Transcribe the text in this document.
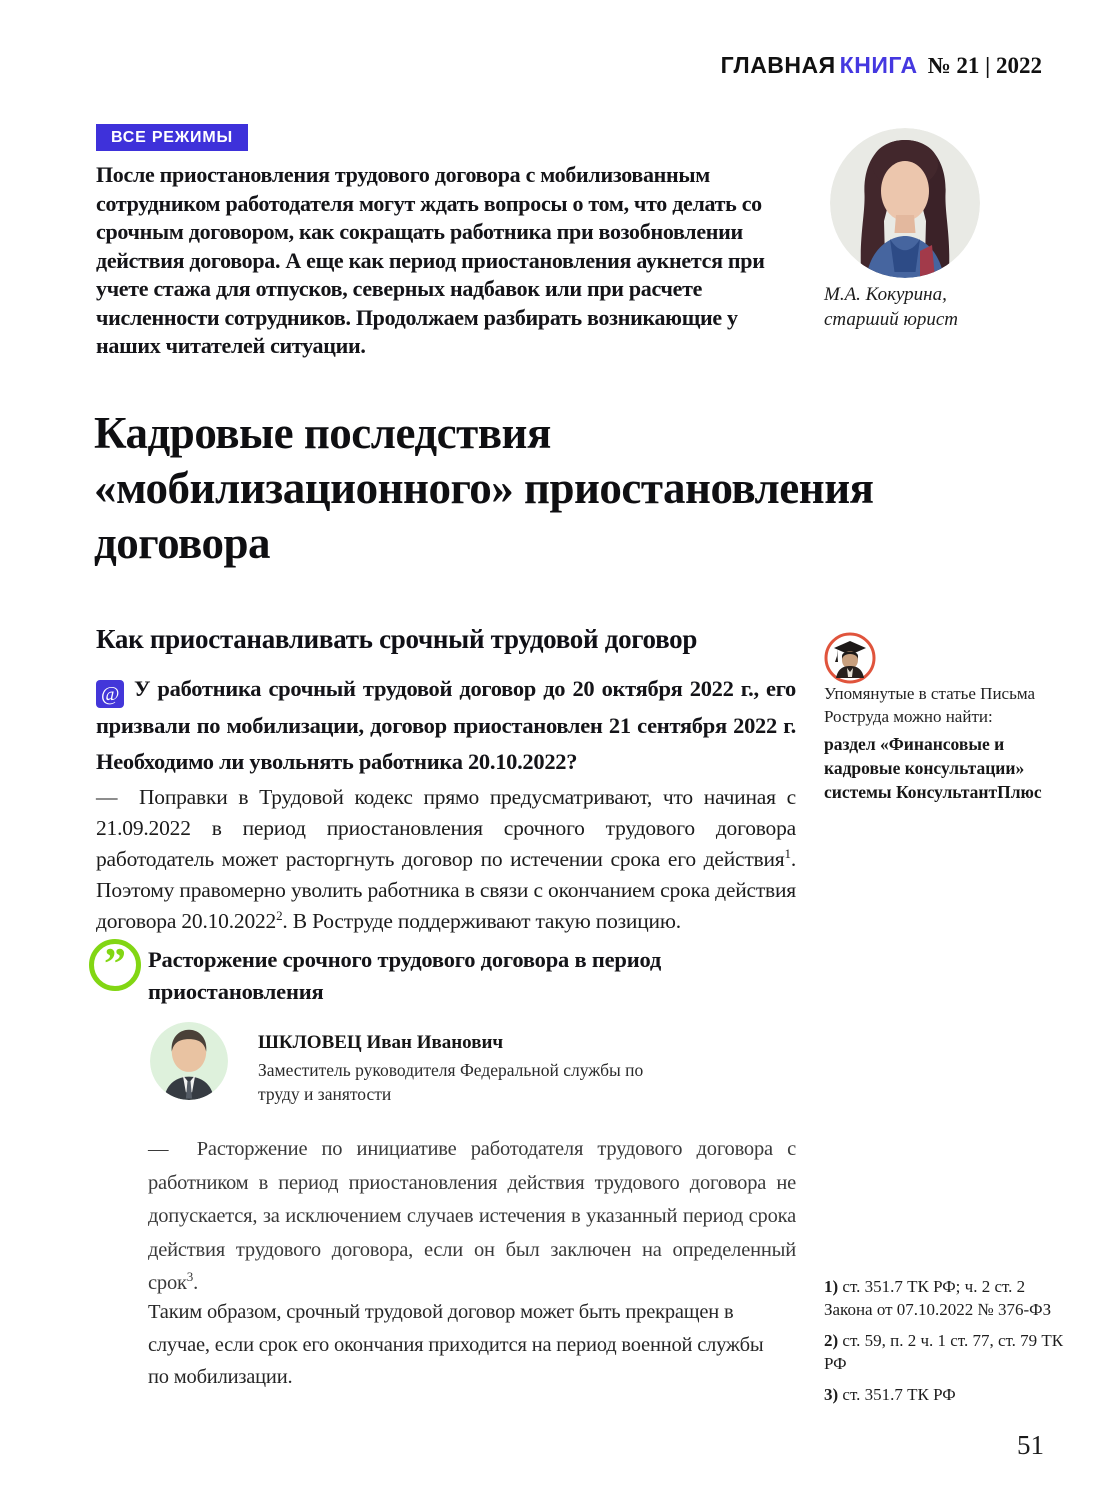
ГЛАВНАЯ КНИГА № 21 | 2022
ВСЕ РЕЖИМЫ
После приостановления трудового договора с мобилизованным сотрудником работодателя могут ждать вопросы о том, что делать со срочным договором, как сокращать работника при возобновлении действия договора. А еще как период приостановления аукнется при учете стажа для отпусков, северных надбавок или при расчете численности сотрудников. Продолжаем разбирать возникающие у наших читателей ситуации.
М.А. Кокурина,
старший юрист
Кадровые последствия «мобилизационного» приостановления договора
Как приостанавливать срочный трудовой договор
@ У работника срочный трудовой договор до 20 октября 2022 г., его призвали по мобилизации, договор приостановлен 21 сентября 2022 г. Необходимо ли увольнять работника 20.10.2022?
— Поправки в Трудовой кодекс прямо предусматривают, что начиная с 21.09.2022 в период приостановления срочного трудового договора работодатель может расторгнуть договор по истечении срока его действия$^1$. Поэтому правомерно уволить работника в связи с окончанием срока действия договора 20.10.2022$^2$. В Роструде поддерживают такую позицию.
” Расторжение срочного трудового договора в период приостановления
ШКЛОВЕЦ Иван Иванович
Заместитель руководителя Федеральной службы по труду и занятости
— Расторжение по инициативе работодателя трудового договора с работником в период приостановления действия трудового договора не допускается, за исключением случаев истечения в указанный период срока действия трудового договора, если он был заключен на определенный срок$^3$.
Таким образом, срочный трудовой договор может быть прекращен в случае, если срок его окончания приходится на период военной службы по мобилизации.
Упомянутые в статье Письма Роструда можно найти:
раздел «Финансовые и кадровые консультации» системы КонсультантПлюс
1) ст. 351.7 ТК РФ; ч. 2 ст. 2 Закона от 07.10.2022 № 376-ФЗ
2) ст. 59, п. 2 ч. 1 ст. 77, ст. 79 ТК РФ
3) ст. 351.7 ТК РФ
51
